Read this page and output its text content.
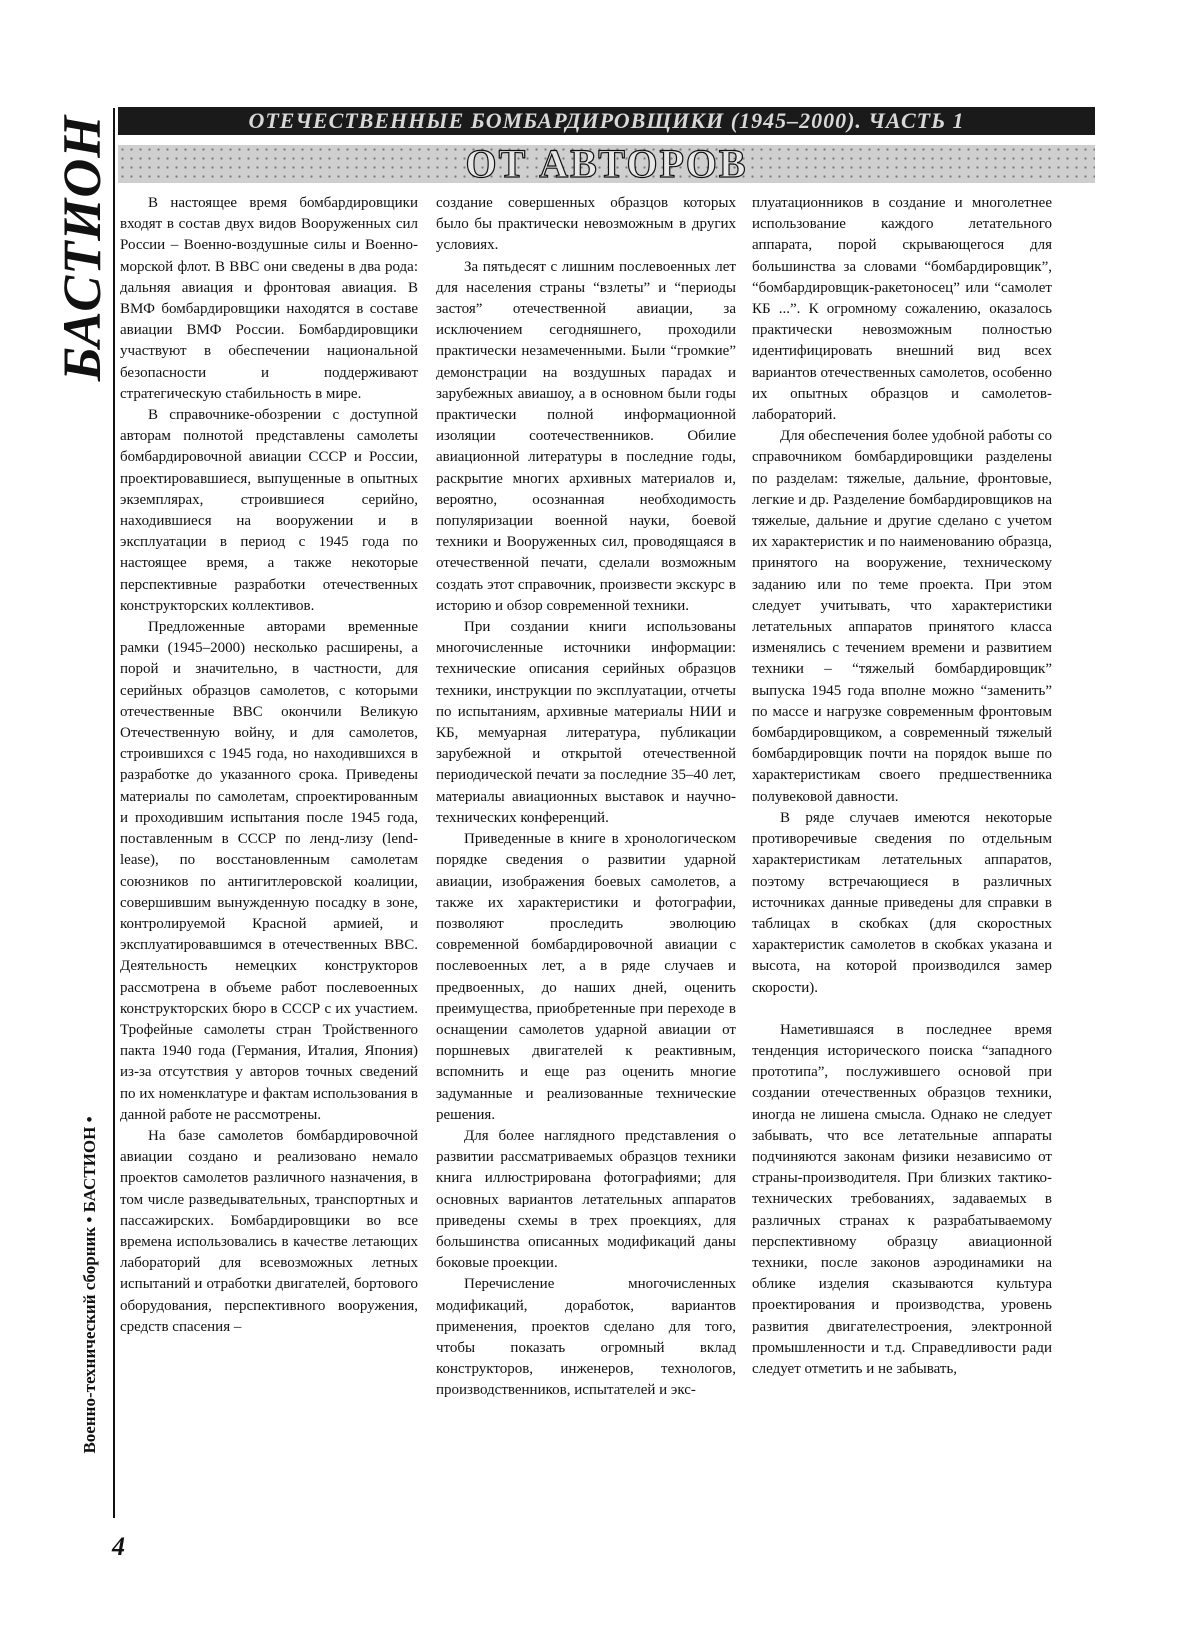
БАСТИОН
Военно-технический сборник • БАСТИОН •
ОТЕЧЕСТВЕННЫЕ БОМБАРДИРОВЩИКИ (1945–2000). ЧАСТЬ 1
ОТ АВТОРОВ

В настоящее время бомбардировщики входят в состав двух видов Вооруженных сил России – Военно-воздушные силы и Военно-морской флот. В ВВС они сведены в два рода: дальняя авиация и фронтовая авиация. В ВМФ бомбардировщики находятся в составе авиации ВМФ России. Бомбардировщики участвуют в обеспечении национальной безопасности и поддерживают стратегическую стабильность в мире.

В справочнике-обозрении с доступной авторам полнотой представлены самолеты бомбардировочной авиации СССР и России, проектировавшиеся, выпущенные в опытных экземплярах, строившиеся серийно, находившиеся на вооружении и в эксплуатации в период с 1945 года по настоящее время, а также некоторые перспективные разработки отечественных конструкторских коллективов.

Предложенные авторами временные рамки (1945–2000) несколько расширены, а порой и значительно, в частности, для серийных образцов самолетов, с которыми отечественные ВВС окончили Великую Отечественную войну, и для самолетов, строившихся с 1945 года, но находившихся в разработке до указанного срока. Приведены материалы по самолетам, спроектированным и проходившим испытания после 1945 года, поставленным в СССР по ленд-лизу (lend-lease), по восстановленным самолетам союзников по антигитлеровской коалиции, совершившим вынужденную посадку в зоне, контролируемой Красной армией, и эксплуатировавшимся в отечественных ВВС. Деятельность немецких конструкторов рассмотрена в объеме работ послевоенных конструкторских бюро в СССР с их участием. Трофейные самолеты стран Тройственного пакта 1940 года (Германия, Италия, Япония) из-за отсутствия у авторов точных сведений по их номенклатуре и фактам использования в данной работе не рассмотрены.

На базе самолетов бомбардировочной авиации создано и реализовано немало проектов самолетов различного назначения, в том числе разведывательных, транспортных и пассажирских. Бомбардировщики во все времена использовались в качестве летающих лабораторий для всевозможных летных испытаний и отработки двигателей, бортового оборудования, перспективного вооружения, средств спасения –

создание совершенных образцов которых было бы практически невозможным в других условиях.

За пятьдесят с лишним послевоенных лет для населения страны “взлеты” и “периоды застоя” отечественной авиации, за исключением сегодняшнего, проходили практически незамеченными. Были “громкие” демонстрации на воздушных парадах и зарубежных авиашоу, а в основном были годы практически полной информационной изоляции соотечественников. Обилие авиационной литературы в последние годы, раскрытие многих архивных материалов и, вероятно, осознанная необходимость популяризации военной науки, боевой техники и Вооруженных сил, проводящаяся в отечественной печати, сделали возможным создать этот справочник, произвести экскурс в историю и обзор современной техники.

При создании книги использованы многочисленные источники информации: технические описания серийных образцов техники, инструкции по эксплуатации, отчеты по испытаниям, архивные материалы НИИ и КБ, мемуарная литература, публикации зарубежной и открытой отечественной периодической печати за последние 35–40 лет, материалы авиационных выставок и научно-технических конференций.

Приведенные в книге в хронологическом порядке сведения о развитии ударной авиации, изображения боевых самолетов, а также их характеристики и фотографии, позволяют проследить эволюцию современной бомбардировочной авиации с послевоенных лет, а в ряде случаев и предвоенных, до наших дней, оценить преимущества, приобретенные при переходе в оснащении самолетов ударной авиации от поршневых двигателей к реактивным, вспомнить и еще раз оценить многие задуманные и реализованные технические решения.

Для более наглядного представления о развитии рассматриваемых образцов техники книга иллюстрирована фотографиями; для основных вариантов летательных аппаратов приведены схемы в трех проекциях, для большинства описанных модификаций даны боковые проекции.

Перечисление многочисленных модификаций, доработок, вариантов применения, проектов сделано для того, чтобы показать огромный вклад конструкторов, инженеров, технологов, производственников, испытателей и экс-

плуатационников в создание и многолетнее использование каждого летательного аппарата, порой скрывающегося для большинства за словами “бомбардировщик”, “бомбардировщик-ракетоносец” или “самолет КБ ...”. К огромному сожалению, оказалось практически невозможным полностью идентифицировать внешний вид всех вариантов отечественных самолетов, особенно их опытных образцов и самолетов-лабораторий.

Для обеспечения более удобной работы со справочником бомбардировщики разделены по разделам: тяжелые, дальние, фронтовые, легкие и др. Разделение бомбардировщиков на тяжелые, дальние и другие сделано с учетом их характеристик и по наименованию образца, принятого на вооружение, техническому заданию или по теме проекта. При этом следует учитывать, что характеристики летательных аппаратов принятого класса изменялись с течением времени и развитием техники – “тяжелый бомбардировщик” выпуска 1945 года вполне можно “заменить” по массе и нагрузке современным фронтовым бомбардировщиком, а современный тяжелый бомбардировщик почти на порядок выше по характеристикам своего предшественника полувековой давности.

В ряде случаев имеются некоторые противоречивые сведения по отдельным характеристикам летательных аппаратов, поэтому встречающиеся в различных источниках данные приведены для справки в таблицах в скобках (для скоростных характеристик самолетов в скобках указана и высота, на которой производился замер скорости).

Наметившаяся в последнее время тенденция исторического поиска “западного прототипа”, послужившего основой при создании отечественных образцов техники, иногда не лишена смысла. Однако не следует забывать, что все летательные аппараты подчиняются законам физики независимо от страны-производителя. При близких тактико-технических требованиях, задаваемых в различных странах к разрабатываемому перспективному образцу авиационной техники, после законов аэродинамики на облике изделия сказываются культура проектирования и производства, уровень развития двигателестроения, электронной промышленности и т.д. Справедливости ради следует отметить и не забывать,

4
